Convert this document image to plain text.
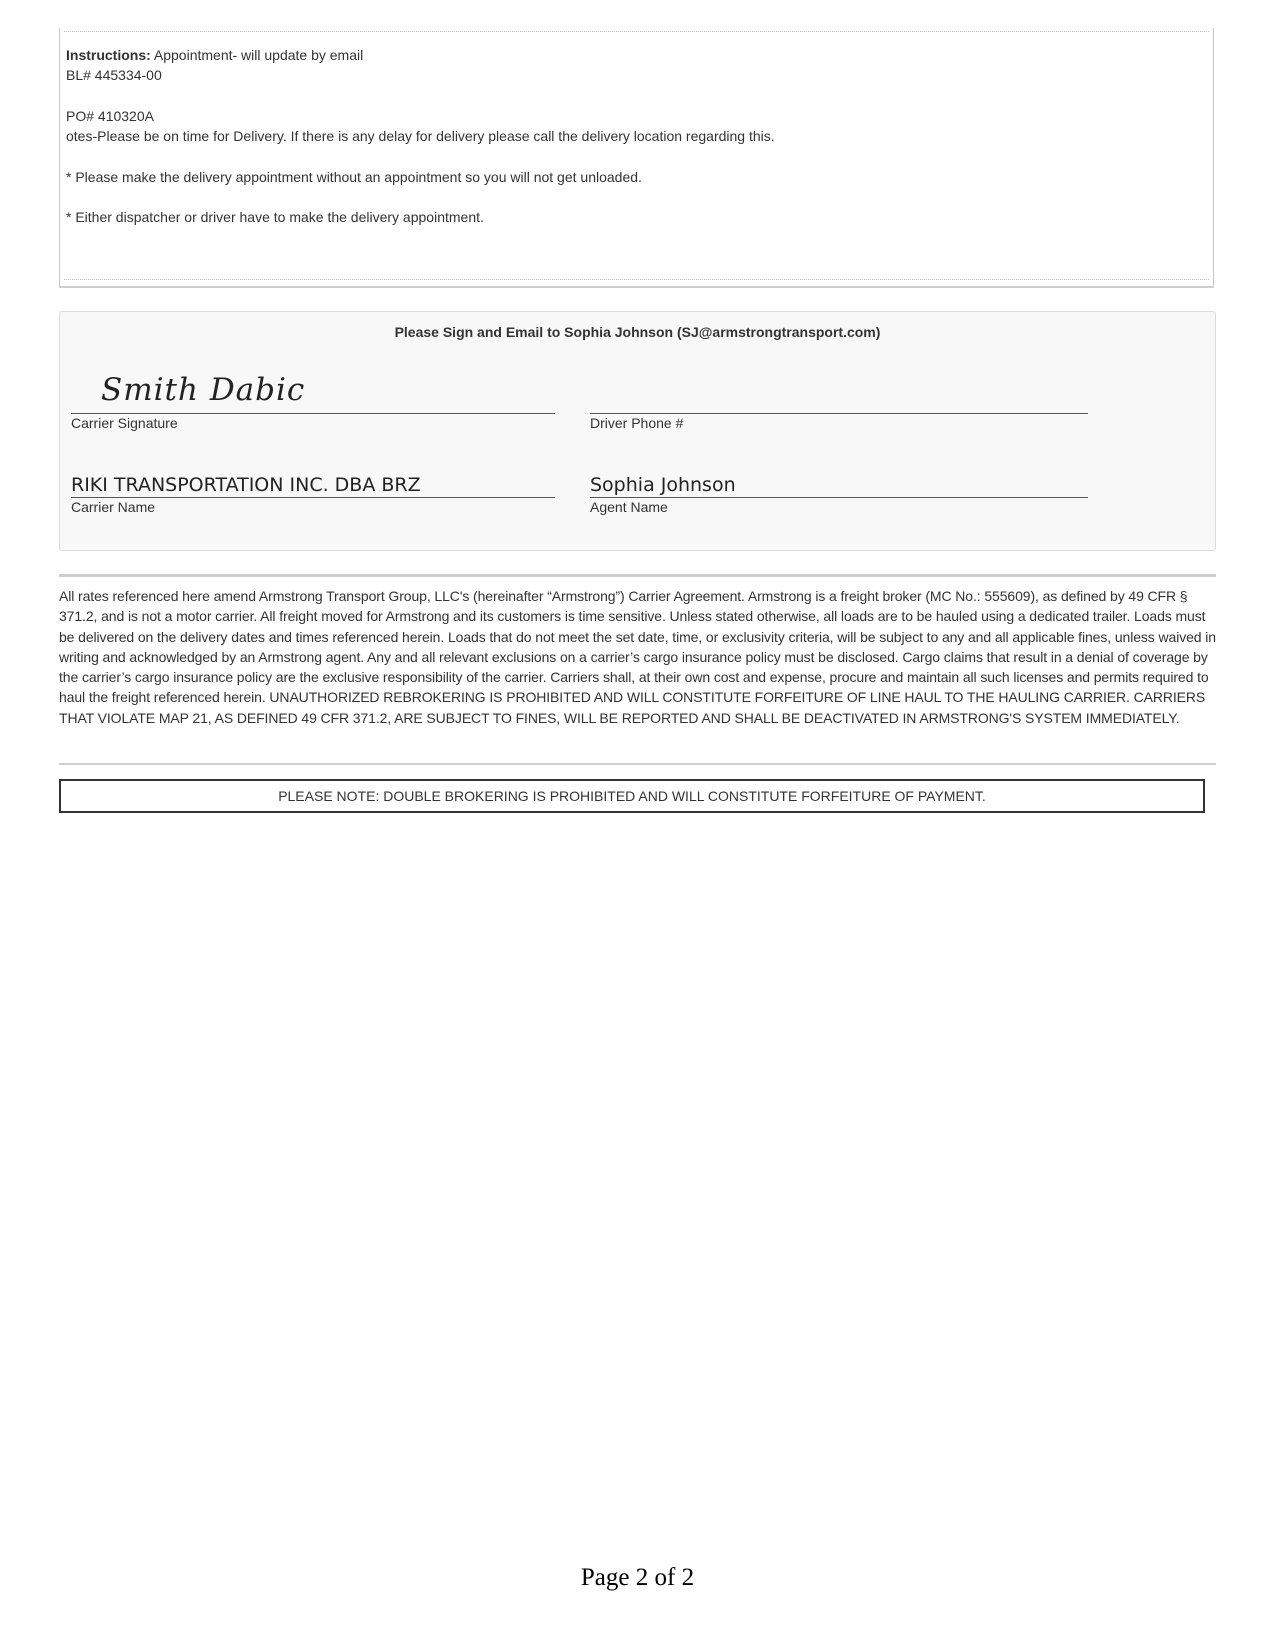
Instructions: Appointment- will update by email
BL# 445334-00
PO# 410320A
otes-Please be on time for Delivery. If there is any delay for delivery please call the delivery location regarding this.
* Please make the delivery appointment without an appointment so you will not get unloaded.
* Either dispatcher or driver have to make the delivery appointment.
Please Sign and Email to Sophia Johnson (SJ@armstrongtransport.com)
Smith Dabic
Carrier Signature	Driver Phone #
RIKI TRANSPORTATION INC. DBA BRZ
Carrier Name
Sophia Johnson
Agent Name
All rates referenced here amend Armstrong Transport Group, LLC's (hereinafter “Armstrong”) Carrier Agreement. Armstrong is a freight broker (MC No.: 555609), as defined by 49 CFR § 371.2, and is not a motor carrier. All freight moved for Armstrong and its customers is time sensitive. Unless stated otherwise, all loads are to be hauled using a dedicated trailer. Loads must be delivered on the delivery dates and times referenced herein. Loads that do not meet the set date, time, or exclusivity criteria, will be subject to any and all applicable fines, unless waived in writing and acknowledged by an Armstrong agent. Any and all relevant exclusions on a carrier’s cargo insurance policy must be disclosed. Cargo claims that result in a denial of coverage by the carrier’s cargo insurance policy are the exclusive responsibility of the carrier. Carriers shall, at their own cost and expense, procure and maintain all such licenses and permits required to haul the freight referenced herein. UNAUTHORIZED REBROKERING IS PROHIBITED AND WILL CONSTITUTE FORFEITURE OF LINE HAUL TO THE HAULING CARRIER. CARRIERS THAT VIOLATE MAP 21, AS DEFINED 49 CFR 371.2, ARE SUBJECT TO FINES, WILL BE REPORTED AND SHALL BE DEACTIVATED IN ARMSTRONG'S SYSTEM IMMEDIATELY.
PLEASE NOTE: DOUBLE BROKERING IS PROHIBITED AND WILL CONSTITUTE FORFEITURE OF PAYMENT.
Page 2 of 2
